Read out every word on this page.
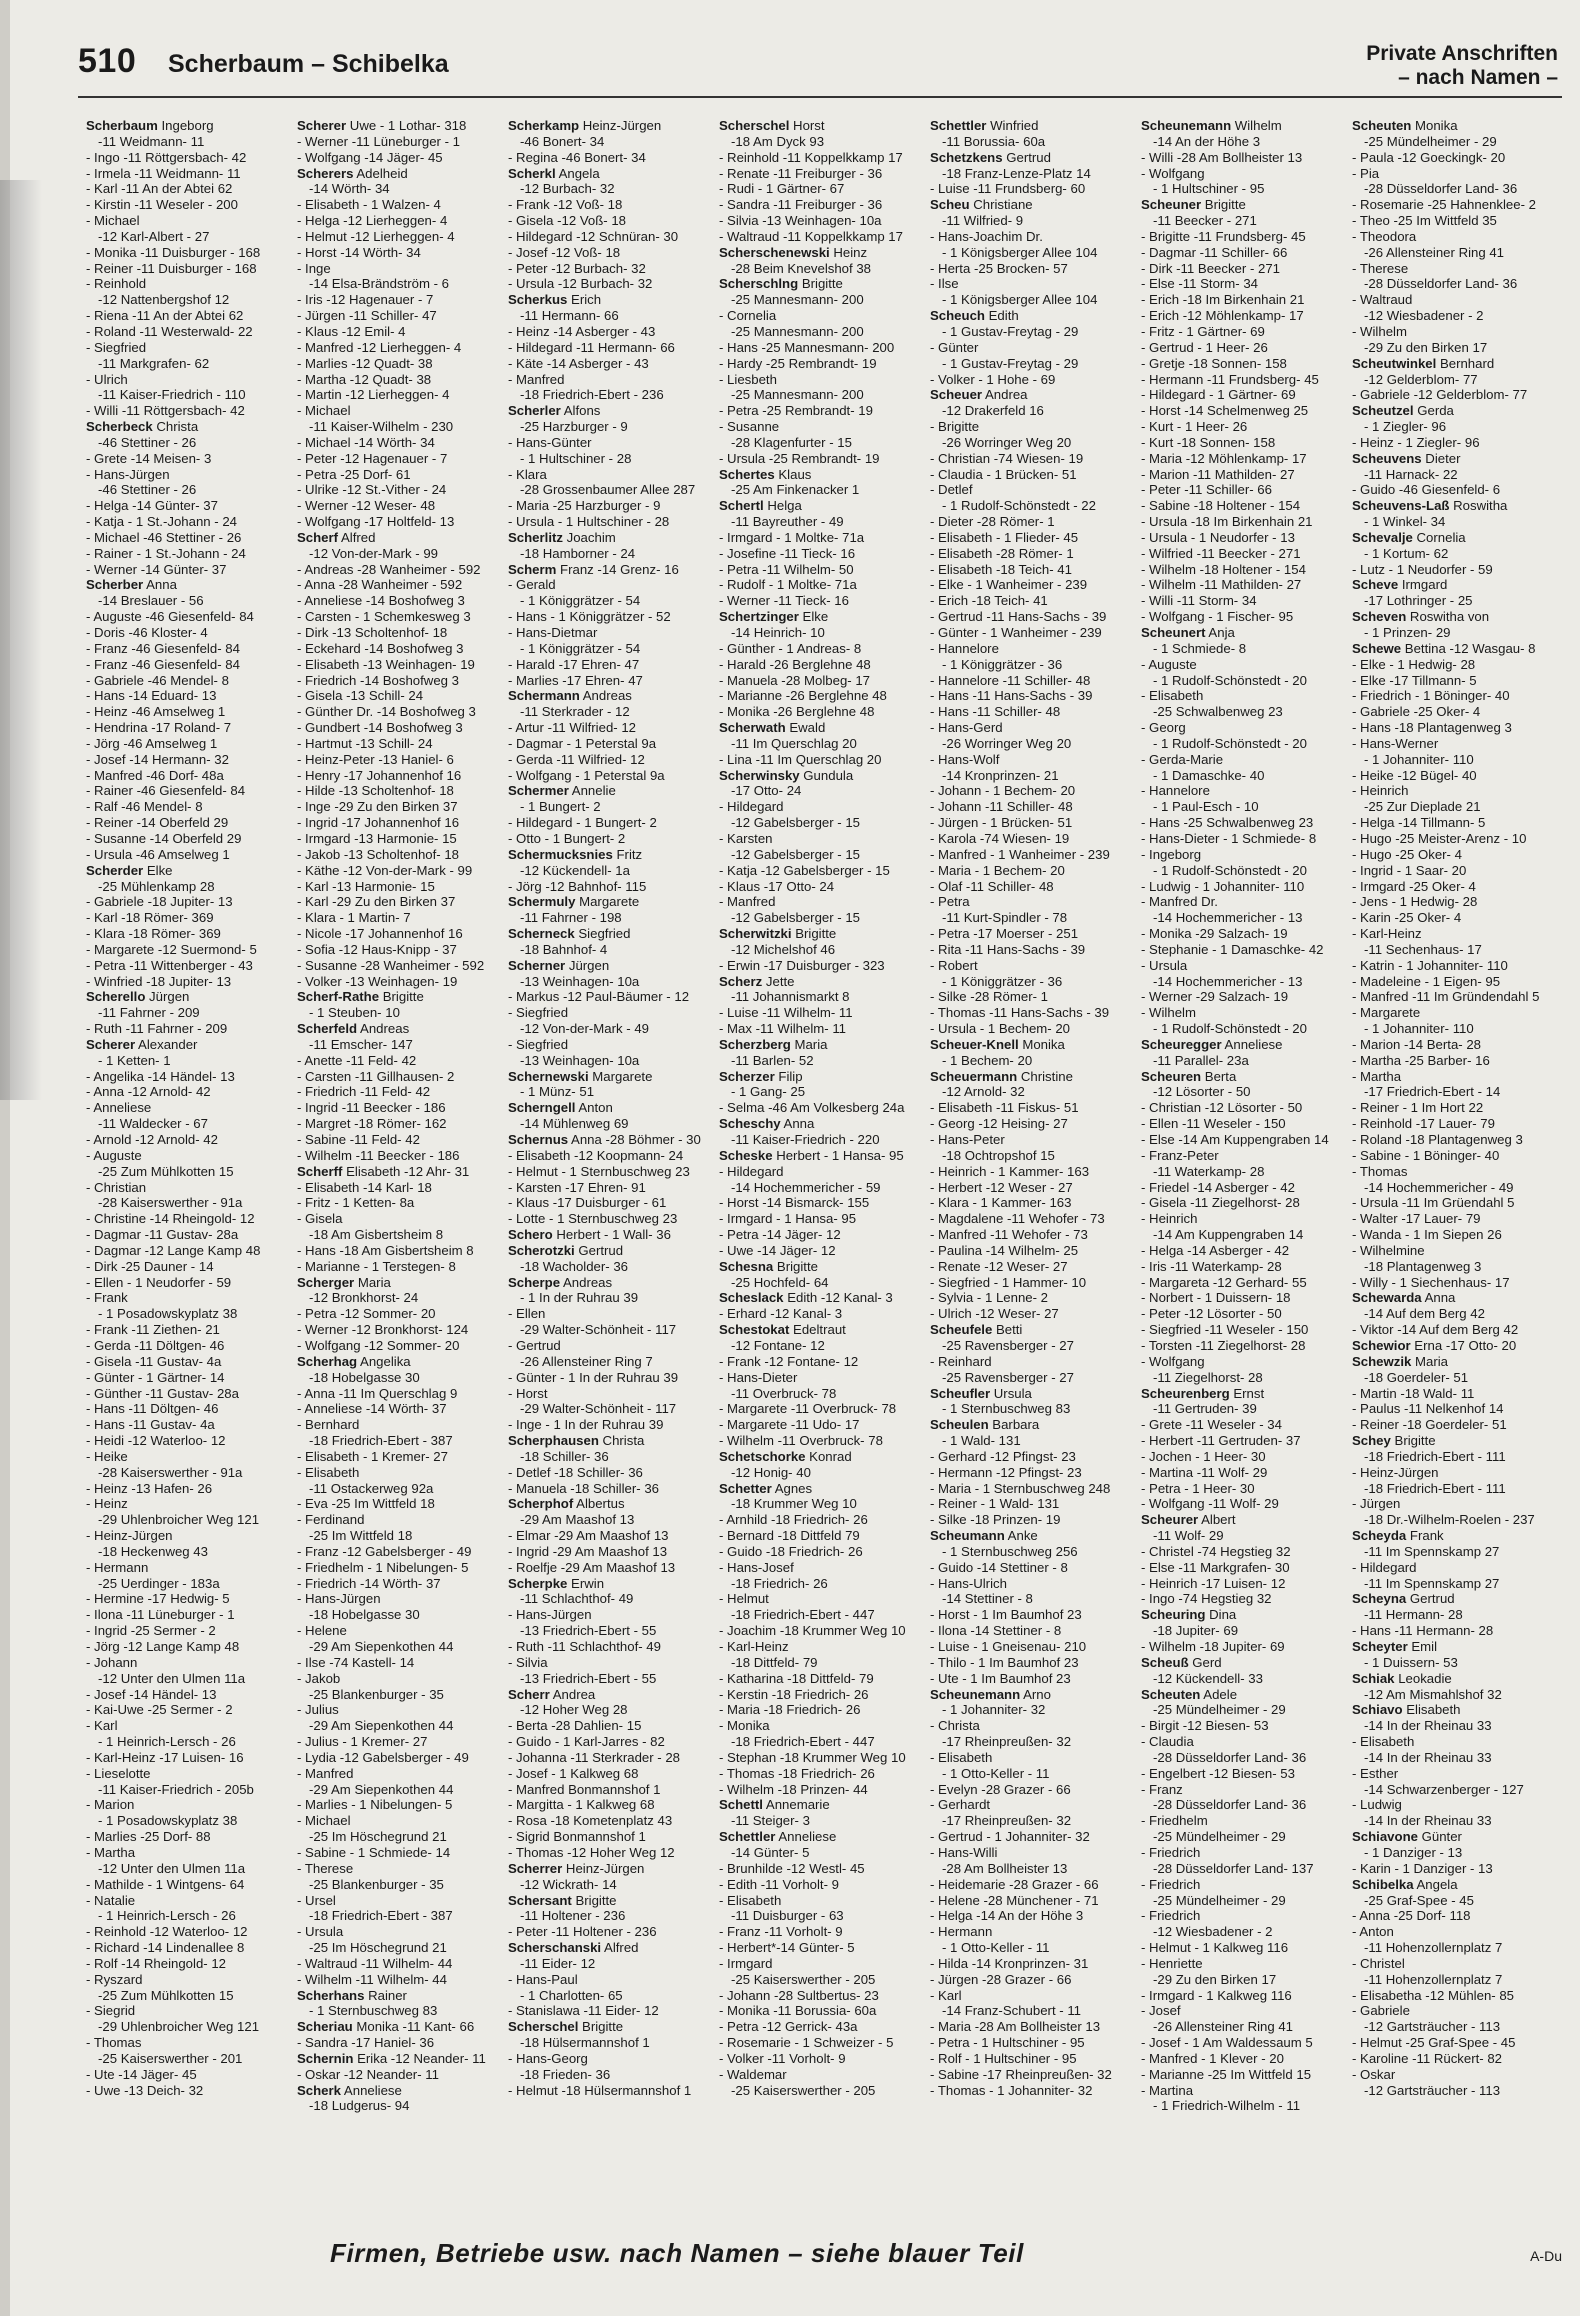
510 Scherbaum – Schibelka	Private Anschriften
– nach Namen –
Scherbaum Ingeborg
-11 Weidmann- 11
- Ingo -11 Röttgersbach- 42
- Irmela -11 Weidmann- 11
- Karl -11 An der Abtei 62
- Kirstin -11 Weseler - 200
- Michael
-12 Karl-Albert - 27
- Monika -11 Duisburger - 168
- Reiner -11 Duisburger - 168
- Reinhold
-12 Nattenbergshof 12
- Riena -11 An der Abtei 62
- Roland -11 Westerwald- 22
- Siegfried
-11 Markgrafen- 62
- Ulrich
-11 Kaiser-Friedrich - 110
- Willi -11 Röttgersbach- 42
Scherbeck Christa
-46 Stettiner - 26
- Grete -14 Meisen- 3
- Hans-Jürgen
-46 Stettiner - 26
- Helga -14 Günter- 37
- Katja - 1 St.-Johann - 24
- Michael -46 Stettiner - 26
- Rainer - 1 St.-Johann - 24
- Werner -14 Günter- 37
Scherber Anna
-14 Breslauer - 56
- Auguste -46 Giesenfeld- 84
- Doris -46 Kloster- 4
- Franz -46 Giesenfeld- 84
- Franz -46 Giesenfeld- 84
- Gabriele -46 Mendel- 8
- Hans -14 Eduard- 13
- Heinz -46 Amselweg 1
- Hendrina -17 Roland- 7
- Jörg -46 Amselweg 1
- Josef -14 Hermann- 32
- Manfred -46 Dorf- 48a
- Rainer -46 Giesenfeld- 84
- Ralf -46 Mendel- 8
- Reiner -14 Oberfeld 29
- Susanne -14 Oberfeld 29
- Ursula -46 Amselweg 1
Scherder Elke
-25 Mühlenkamp 28
- Gabriele -18 Jupiter- 13
- Karl -18 Römer- 369
- Klara -18 Römer- 369
- Margarete -12 Suermond- 5
- Petra -11 Wittenberger - 43
- Winfried -18 Jupiter- 13
Scherello Jürgen
-11 Fahrner - 209
- Ruth -11 Fahrner - 209
Scherer Alexander
- 1 Ketten- 1
- Angelika -14 Händel- 13
- Anna -12 Arnold- 42
- Anneliese
-11 Waldecker - 67
- Arnold -12 Arnold- 42
- Auguste
-25 Zum Mühlkotten 15
- Christian
-28 Kaiserswerther - 91a
- Christine -14 Rheingold- 12
- Dagmar -11 Gustav- 28a
- Dagmar -12 Lange Kamp 48
- Dirk -25 Dauner - 14
- Ellen - 1 Neudorfer - 59
- Frank
- 1 Posadowskyplatz 38
- Frank -11 Ziethen- 21
- Gerda -11 Döltgen- 46
- Gisela -11 Gustav- 4a
- Günter - 1 Gärtner- 14
- Günther -11 Gustav- 28a
- Hans -11 Döltgen- 46
- Hans -11 Gustav- 4a
- Heidi -12 Waterloo- 12
- Heike
-28 Kaiserswerther - 91a
- Heinz -13 Hafen- 26
- Heinz
-29 Uhlenbroicher Weg 121
- Heinz-Jürgen
-18 Heckenweg 43
- Hermann
-25 Uerdinger - 183a
- Hermine -17 Hedwig- 5
- Ilona -11 Lüneburger - 1
- Ingrid -25 Sermer - 2
- Jörg -12 Lange Kamp 48
- Johann
-12 Unter den Ulmen 11a
- Josef -14 Händel- 13
- Kai-Uwe -25 Sermer - 2
- Karl
- 1 Heinrich-Lersch - 26
- Karl-Heinz -17 Luisen- 16
- Lieselotte
-11 Kaiser-Friedrich - 205b
- Marion
- 1 Posadowskyplatz 38
- Marlies -25 Dorf- 88
- Martha
-12 Unter den Ulmen 11a
- Mathilde - 1 Wintgens- 64
- Natalie
- 1 Heinrich-Lersch - 26
- Reinhold -12 Waterloo- 12
- Richard -14 Lindenallee 8
- Rolf -14 Rheingold- 12
- Ryszard
-25 Zum Mühlkotten 15
- Siegrid
-29 Uhlenbroicher Weg 121
- Thomas
-25 Kaiserswerther - 201
- Ute -14 Jäger- 45
- Uwe -13 Deich- 32
Scherer Uwe - 1 Lothar- 318
- Werner -11 Lüneburger - 1
- Wolfgang -14 Jäger- 45
Scherers Adelheid
-14 Wörth- 34
- Elisabeth - 1 Walzen- 4
- Helga -12 Lierheggen- 4
- Helmut -12 Lierheggen- 4
- Horst -14 Wörth- 34
- Inge
-14 Elsa-Brändström - 6
- Iris -12 Hagenauer - 7
- Jürgen -11 Schiller- 47
- Klaus -12 Emil- 4
- Manfred -12 Lierheggen- 4
- Marlies -12 Quadt- 38
- Martha -12 Quadt- 38
- Martin -12 Lierheggen- 4
- Michael
-11 Kaiser-Wilhelm - 230
- Michael -14 Wörth- 34
- Peter -12 Hagenauer - 7
- Petra -25 Dorf- 61
- Ulrike -12 St.-Vither - 24
- Werner -12 Weser- 48
- Wolfgang -17 Holtfeld- 13
Scherf Alfred
-12 Von-der-Mark - 99
- Andreas -28 Wanheimer - 592
- Anna -28 Wanheimer - 592
- Anneliese -14 Boshofweg 3
- Carsten - 1 Schemkesweg 3
- Dirk -13 Scholtenhof- 18
- Eckehard -14 Boshofweg 3
- Elisabeth -13 Weinhagen- 19
- Friedrich -14 Boshofweg 3
- Gisela -13 Schill- 24
- Günther Dr. -14 Boshofweg 3
- Gundbert -14 Boshofweg 3
- Hartmut -13 Schill- 24
- Heinz-Peter -13 Haniel- 6
- Henry -17 Johannenhof 16
- Hilde -13 Scholtenhof- 18
- Inge -29 Zu den Birken 37
- Ingrid -17 Johannenhof 16
- Irmgard -13 Harmonie- 15
- Jakob -13 Scholtenhof- 18
- Käthe -12 Von-der-Mark - 99
- Karl -13 Harmonie- 15
- Karl -29 Zu den Birken 37
- Klara - 1 Martin- 7
- Nicole -17 Johannenhof 16
- Sofia -12 Haus-Knipp - 37
- Susanne -28 Wanheimer - 592
- Volker -13 Weinhagen- 19
Scherf-Rathe Brigitte
- 1 Steuben- 10
Scherfeld Andreas
-11 Emscher- 147
- Anette -11 Feld- 42
- Carsten -11 Gillhausen- 2
- Friedrich -11 Feld- 42
- Ingrid -11 Beecker - 186
- Margret -18 Römer- 162
- Sabine -11 Feld- 42
- Wilhelm -11 Beecker - 186
Scherff Elisabeth -12 Ahr- 31
- Elisabeth -14 Karl- 18
- Fritz - 1 Ketten- 8a
- Gisela
-18 Am Gisbertsheim 8
- Hans -18 Am Gisbertsheim 8
- Marianne - 1 Terstegen- 8
Scherger Maria
-12 Bronkhorst- 24
- Petra -12 Sommer- 20
- Werner -12 Bronkhorst- 124
- Wolfgang -12 Sommer- 20
Scherhag Angelika
-18 Hobelgasse 30
- Anna -11 Im Querschlag 9
- Anneliese -14 Wörth- 37
- Bernhard
-18 Friedrich-Ebert - 387
- Elisabeth - 1 Kremer- 27
- Elisabeth
-11 Ostackerweg 92a
- Eva -25 Im Wittfeld 18
- Ferdinand
-25 Im Wittfeld 18
- Franz -12 Gabelsberger - 49
- Friedhelm - 1 Nibelungen- 5
- Friedrich -14 Wörth- 37
- Hans-Jürgen
-18 Hobelgasse 30
- Helene
-29 Am Siepenkothen 44
- Ilse -74 Kastell- 14
- Jakob
-25 Blankenburger - 35
- Julius
-29 Am Siepenkothen 44
- Julius - 1 Kremer- 27
- Lydia -12 Gabelsberger - 49
- Manfred
-29 Am Siepenkothen 44
- Marlies - 1 Nibelungen- 5
- Michael
-25 Im Höschegrund 21
- Sabine - 1 Schmiede- 14
- Therese
-25 Blankenburger - 35
- Ursel
-18 Friedrich-Ebert - 387
- Ursula
-25 Im Höschegrund 21
- Waltraud -11 Wilhelm- 44
- Wilhelm -11 Wilhelm- 44
Scherhans Rainer
- 1 Sternbuschweg 83
Scheriau Monika -11 Kant- 66
- Sandra -17 Haniel- 36
Schernin Erika -12 Neander- 11
- Oskar -12 Neander- 11
Scherk Anneliese
-18 Ludgerus- 94
Scherkamp Heinz-Jürgen
-46 Bonert- 34
- Regina -46 Bonert- 34
Scherkl Angela
-12 Burbach- 32
- Frank -12 Voß- 18
- Gisela -12 Voß- 18
- Hildegard -12 Schnüran- 30
- Josef -12 Voß- 18
- Peter -12 Burbach- 32
- Ursula -12 Burbach- 32
Scherkus Erich
-11 Hermann- 66
- Heinz -14 Asberger - 43
- Hildegard -11 Hermann- 66
- Käte -14 Asberger - 43
- Manfred
-18 Friedrich-Ebert - 236
Scherler Alfons
-25 Harzburger - 9
- Hans-Günter
- 1 Hultschiner - 28
- Klara
-28 Grossenbaumer Allee 287
- Maria -25 Harzburger - 9
- Ursula - 1 Hultschiner - 28
Scherlitz Joachim
-18 Hamborner - 24
Scherm Franz -14 Grenz- 16
- Gerald
- 1 Königgrätzer - 54
- Hans - 1 Königgrätzer - 52
- Hans-Dietmar
- 1 Königgrätzer - 54
- Harald -17 Ehren- 47
- Marlies -17 Ehren- 47
Schermann Andreas
-11 Sterkrader - 12
- Artur -11 Wilfried- 12
- Dagmar - 1 Peterstal 9a
- Gerda -11 Wilfried- 12
- Wolfgang - 1 Peterstal 9a
Schermer Anneliе
- 1 Bungert- 2
- Hildegard - 1 Bungert- 2
- Otto - 1 Bungert- 2
Schermucksnies Fritz
-12 Kückendell- 1a
- Jörg -12 Bahnhof- 115
Schermuly Margarete
-11 Fahrner - 198
Scherneck Siegfried
-18 Bahnhof- 4
Scherner Jürgen
-13 Weinhagen- 10a
- Markus -12 Paul-Bäumer - 12
- Siegfried
-12 Von-der-Mark - 49
- Siegfried
-13 Weinhagen- 10a
Schernewski Margarete
- 1 Münz- 51
Scherngell Anton
-14 Mühlenweg 69
Schernus Anna -28 Böhmer - 30
- Elisabeth -12 Koopmann- 24
- Helmut - 1 Sternbuschweg 23
- Karsten -17 Ehren- 91
- Klaus -17 Duisburger - 61
- Lotte - 1 Sternbuschweg 23
Scherо Herbert - 1 Wall- 36
Scherotzki Gertrud
-18 Wacholder- 36
Scherpe Andreas
- 1 In der Ruhrau 39
- Ellen
-29 Walter-Schönheit - 117
- Gertrud
-26 Allensteiner Ring 7
- Günter - 1 In der Ruhrau 39
- Horst
-29 Walter-Schönheit - 117
- Inge - 1 In der Ruhrau 39
Scherphausen Christa
-18 Schiller- 36
- Detlef -18 Schiller- 36
- Manuela -18 Schiller- 36
Scherphof Albertus
-29 Am Maashof 13
- Elmar -29 Am Maashof 13
- Ingrid -29 Am Maashof 13
- Roelfje -29 Am Maashof 13
Scherpke Erwin
-11 Schlachthof- 49
- Hans-Jürgen
-13 Friedrich-Ebert - 55
- Ruth -11 Schlachthof- 49
- Silvia
-13 Friedrich-Ebert - 55
Scherr Andrea
-12 Hoher Weg 28
- Berta -28 Dahlien- 15
- Guido - 1 Karl-Jarres - 82
- Johanna -11 Sterkrader - 28
- Josef - 1 Kalkweg 68
- Manfred Bonmannshof 1
- Margitta - 1 Kalkweg 68
- Rosa -18 Kometenplatz 43
- Sigrid Bonmannshof 1
- Thomas -12 Hoher Weg 12
Scherrer Heinz-Jürgen
-12 Wickrath- 14
Schersant Brigitte
-11 Holtener - 236
- Peter -11 Holtener - 236
Scherschanski Alfred
-11 Eider- 12
- Hans-Paul
- 1 Charlotten- 65
- Stanislawa -11 Eider- 12
Scherschel Brigitte
-18 Hülsermannshof 1
- Hans-Georg
-18 Frieden- 36
- Helmut -18 Hülsermannshof 1
Scherschel Horst
-18 Am Dyck 93
- Reinhold -11 Koppelkkamp 17
- Renate -11 Freiburger - 36
- Rudi - 1 Gärtner- 67
- Sandra -11 Freiburger - 36
- Silvia -13 Weinhagen- 10a
- Waltraud -11 Koppelkkamp 17
Scherschenewski Heinz
-28 Beim Knevelshof 38
Scherschlng Brigitte
-25 Mannesmann- 200
- Cornelia
-25 Mannesmann- 200
- Hans -25 Mannesmann- 200
- Hardy -25 Rembrandt- 19
- Liesbeth
-25 Mannesmann- 200
- Petra -25 Rembrandt- 19
- Susanne
-28 Klagenfurter - 15
- Ursula -25 Rembrandt- 19
Schertes Klaus
-25 Am Finkenacker 1
Schertl Helga
-11 Bayreuther - 49
- Irmgard - 1 Moltke- 71a
- Josefine -11 Tieck- 16
- Petra -11 Wilhelm- 50
- Rudolf - 1 Moltke- 71a
- Werner -11 Tieck- 16
Schertzinger Elke
-14 Heinrich- 10
- Günther - 1 Andreas- 8
- Harald -26 Berglehne 48
- Manuela -28 Molbeg- 17
- Marianne -26 Berglehne 48
- Monika -26 Berglehne 48
Scherwath Ewald
-11 Im Querschlag 20
- Lina -11 Im Querschlag 20
Scherwinsky Gundula
-17 Otto- 24
- Hildegard
-12 Gabelsberger - 15
- Karsten
-12 Gabelsberger - 15
- Katja -12 Gabelsberger - 15
- Klaus -17 Otto- 24
- Manfred
-12 Gabelsberger - 15
Scherwitzki Brigitte
-12 Michelshof 46
- Erwin -17 Duisburger - 323
Scherz Jette
-11 Johannismarkt 8
- Luise -11 Wilhelm- 11
- Max -11 Wilhelm- 11
Scherzberg Maria
-11 Barlen- 52
Scherzer Filip
- 1 Gang- 25
- Selma -46 Am Volkesberg 24a
Scheschy Anna
-11 Kaiser-Friedrich - 220
Scheske Herbert - 1 Hansa- 95
- Hildegard
-14 Hochemmericher - 59
- Horst -14 Bismarck- 155
- Irmgard - 1 Hansa- 95
- Petra -14 Jäger- 12
- Uwe -14 Jäger- 12
Schesna Brigitte
-25 Hochfeld- 64
Scheslack Edith -12 Kanal- 3
- Erhard -12 Kanal- 3
Schestokat Edeltraut
-12 Fontane- 12
- Frank -12 Fontane- 12
- Hans-Dieter
-11 Overbruck- 78
- Margarete -11 Overbruck- 78
- Margarete -11 Udo- 17
- Wilhelm -11 Overbruck- 78
Schetschorke Konrad
-12 Honig- 40
Schetter Agnes
-18 Krummer Weg 10
- Arnhild -18 Friedrich- 26
- Bernard -18 Dittfeld 79
- Guido -18 Friedrich- 26
- Hans-Josef
-18 Friedrich- 26
- Helmut
-18 Friedrich-Ebert - 447
- Joachim -18 Krummer Weg 10
- Karl-Heinz
-18 Dittfeld- 79
- Katharina -18 Dittfeld- 79
- Kerstin -18 Friedrich- 26
- Maria -18 Friedrich- 26
- Monika
-18 Friedrich-Ebert - 447
- Stephan -18 Krummer Weg 10
- Thomas -18 Friedrich- 26
- Wilhelm -18 Prinzen- 44
Schettl Annemarie
-11 Steiger- 3
Schettler Anneliese
-14 Günter- 5
- Brunhilde -12 Westl- 45
- Edith -11 Vorholt- 9
- Elisabeth
-11 Duisburger - 63
- Franz -11 Vorholt- 9
- Herbert*-14 Günter- 5
- Irmgard
-25 Kaiserswerther - 205
- Johann -28 Sultbertus- 23
- Monika -11 Borussia- 60a
- Petra -12 Gerrick- 43a
- Rosemarie - 1 Schweizer - 5
- Volker -11 Vorholt- 9
- Waldemar
-25 Kaiserswerther - 205
Schettler Winfried
-11 Borussia- 60a
Schetzkens Gertrud
-18 Franz-Lenze-Platz 14
- Luise -11 Frundsberg- 60
Scheu Christiane
-11 Wilfried- 9
- Hans-Joachim Dr.
- 1 Königsberger Allee 104
- Herta -25 Brocken- 57
- Ilse
- 1 Königsberger Allee 104
Scheuch Edith
- 1 Gustav-Freytag - 29
- Günter
- 1 Gustav-Freytag - 29
- Volker - 1 Hohe - 69
Scheuer Andrea
-12 Drakerfeld 16
- Brigitte
-26 Worringer Weg 20
- Christian -74 Wiesen- 19
- Claudia - 1 Brücken- 51
- Detlef
- 1 Rudolf-Schönstedt - 22
- Dieter -28 Römer- 1
- Elisabeth - 1 Flieder- 45
- Elisabeth -28 Römer- 1
- Elisabeth -18 Teich- 41
- Elke - 1 Wanheimer - 239
- Erich -18 Teich- 41
- Gertrud -11 Hans-Sachs - 39
- Günter - 1 Wanheimer - 239
- Hannelore
- 1 Königgrätzer - 36
- Hannelore -11 Schiller- 48
- Hans -11 Hans-Sachs - 39
- Hans -11 Schiller- 48
- Hans-Gerd
-26 Worringer Weg 20
- Hans-Wolf
-14 Kronprinzen- 21
- Johann - 1 Bechem- 20
- Johann -11 Schiller- 48
- Jürgen - 1 Brücken- 51
- Karola -74 Wiesen- 19
- Manfred - 1 Wanheimer - 239
- Maria - 1 Bechem- 20
- Olaf -11 Schiller- 48
- Petra
-11 Kurt-Spindler - 78
- Petra -17 Moerser - 251
- Rita -11 Hans-Sachs - 39
- Robert
- 1 Königgrätzer - 36
- Silke -28 Römer- 1
- Thomas -11 Hans-Sachs - 39
- Ursula - 1 Bechem- 20
Scheuer-Knell Monika
- 1 Bechem- 20
Scheuermann Christine
-12 Arnold- 32
- Elisabeth -11 Fiskus- 51
- Georg -12 Heising- 27
- Hans-Peter
-18 Ochtropshof 15
- Heinrich - 1 Kammer- 163
- Herbert -12 Weser - 27
- Klara - 1 Kammer- 163
- Magdalene -11 Wehofer - 73
- Manfred -11 Wehofer - 73
- Paulina -14 Wilhelm- 25
- Renate -12 Weser- 27
- Siegfried - 1 Hammer- 10
- Sylvia - 1 Lenne- 2
- Ulrich -12 Weser- 27
Scheufele Betti
-25 Ravensberger - 27
- Reinhard
-25 Ravensberger - 27
Scheufler Ursula
- 1 Sternbuschweg 83
Scheulen Barbara
- 1 Wald- 131
- Gerhard -12 Pfingst- 23
- Hermann -12 Pfingst- 23
- Maria - 1 Sternbuschweg 248
- Reiner - 1 Wald- 131
- Silke -18 Prinzen- 19
Scheumann Anke
- 1 Sternbuschweg 256
- Guido -14 Stettiner - 8
- Hans-Ulrich
-14 Stettiner - 8
- Horst - 1 Im Baumhof 23
- Ilona -14 Stettiner - 8
- Luise - 1 Gneisenau- 210
- Thilo - 1 Im Baumhof 23
- Ute - 1 Im Baumhof 23
Scheunemann Arno
- 1 Johanniter- 32
- Christa
-17 Rheinpreußen- 32
- Elisabeth
- 1 Otto-Keller - 11
- Evelyn -28 Grazer - 66
- Gerhardt
-17 Rheinpreußen- 32
- Gertrud - 1 Johanniter- 32
- Hans-Willi
-28 Am Bollheister 13
- Heidemarie -28 Grazer - 66
- Helene -28 Münchener - 71
- Helga -14 An der Höhe 3
- Hermann
- 1 Otto-Keller - 11
- Hilda -14 Kronprinzen- 31
- Jürgen -28 Grazer - 66
- Karl
-14 Franz-Schubert - 11
- Maria -28 Am Bollheister 13
- Petra - 1 Hultschiner - 95
- Rolf - 1 Hultschiner - 95
- Sabine -17 Rheinpreußen- 32
- Thomas - 1 Johanniter- 32
Scheunemann Wilhelm
-14 An der Höhe 3
- Willi -28 Am Bollheister 13
- Wolfgang
- 1 Hultschiner - 95
Scheuner Brigitte
-11 Beecker - 271
- Brigitte -11 Frundsberg- 45
- Dagmar -11 Schiller- 66
- Dirk -11 Beecker - 271
- Else -11 Storm- 34
- Erich -18 Im Birkenhain 21
- Erich -12 Möhlenkamp- 17
- Fritz - 1 Gärtner- 69
- Gertrud - 1 Heer- 26
- Gretje -18 Sonnen- 158
- Hermann -11 Frundsberg- 45
- Hildegard - 1 Gärtner- 69
- Horst -14 Schelmenweg 25
- Kurt - 1 Heer- 26
- Kurt -18 Sonnen- 158
- Maria -12 Möhlenkamp- 17
- Marion -11 Mathilden- 27
- Peter -11 Schiller- 66
- Sabine -18 Holtener - 154
- Ursula -18 Im Birkenhain 21
- Ursula - 1 Neudorfer - 13
- Wilfried -11 Beecker - 271
- Wilhelm -18 Holtener - 154
- Wilhelm -11 Mathilden- 27
- Willi -11 Storm- 34
- Wolfgang - 1 Fischer- 95
Scheunert Anja
- 1 Schmiede- 8
- Auguste
- 1 Rudolf-Schönstedt - 20
- Elisabeth
-25 Schwalbenweg 23
- Georg
- 1 Rudolf-Schönstedt - 20
- Gerda-Marie
- 1 Damaschke- 40
- Hannelore
- 1 Paul-Esch - 10
- Hans -25 Schwalbenweg 23
- Hans-Dieter - 1 Schmiede- 8
- Ingeborg
- 1 Rudolf-Schönstedt - 20
- Ludwig - 1 Johanniter- 110
- Manfred Dr.
-14 Hochemmericher - 13
- Monika -29 Salzach- 19
- Stephanie - 1 Damaschke- 42
- Ursula
-14 Hochemmericher - 13
- Werner -29 Salzach- 19
- Wilhelm
- 1 Rudolf-Schönstedt - 20
Scheuregger Anneliese
-11 Parallel- 23a
Scheuren Berta
-12 Lösorter - 50
- Christian -12 Lösorter - 50
- Ellen -11 Weseler - 150
- Else -14 Am Kuppengraben 14
- Franz-Peter
-11 Waterkamp- 28
- Friedel -14 Asberger - 42
- Gisela -11 Ziegelhorst- 28
- Heinrich
-14 Am Kuppengraben 14
- Helga -14 Asberger - 42
- Iris -11 Waterkamp- 28
- Margareta -12 Gerhard- 55
- Norbert - 1 Duissern- 18
- Peter -12 Lösorter - 50
- Siegfried -11 Weseler - 150
- Torsten -11 Ziegelhorst- 28
- Wolfgang
-11 Ziegelhorst- 28
Scheurenberg Ernst
-11 Gertruden- 39
- Grete -11 Weseler - 34
- Herbert -11 Gertruden- 37
- Jochen - 1 Heer- 30
- Martina -11 Wolf- 29
- Petra - 1 Heer- 30
- Wolfgang -11 Wolf- 29
Scheurer Albert
-11 Wolf- 29
- Christel -74 Hegstieg 32
- Else -11 Markgrafen- 30
- Heinrich -17 Luisen- 12
- Ingo -74 Hegstieg 32
Scheuring Dina
-18 Jupiter- 69
- Wilhelm -18 Jupiter- 69
Scheuß Gerd
-12 Kückendell- 33
Scheuten Adele
-25 Mündelheimer - 29
- Birgit -12 Biesen- 53
- Claudia
-28 Düsseldorfer Land- 36
- Engelbert -12 Biesen- 53
- Franz
-28 Düsseldorfer Land- 36
- Friedhelm
-25 Mündelheimer - 29
- Friedrich
-28 Düsseldorfer Land- 137
- Friedrich
-25 Mündelheimer - 29
- Friedrich
-12 Wiesbadener - 2
- Helmut - 1 Kalkweg 116
- Henriette
-29 Zu den Birken 17
- Irmgard - 1 Kalkweg 116
- Josef
-26 Allensteiner Ring 41
- Josef - 1 Am Waldessaum 5
- Manfred - 1 Klever - 20
- Marianne -25 Im Wittfeld 15
- Martina
- 1 Friedrich-Wilhelm - 11
Scheuten Monika
-25 Mündelheimer - 29
- Paula -12 Goeckingk- 20
- Pia
-28 Düsseldorfer Land- 36
- Rosemarie -25 Hahnenklee- 2
- Theo -25 Im Wittfeld 35
- Theodora
-26 Allensteiner Ring 41
- Therese
-28 Düsseldorfer Land- 36
- Waltraud
-12 Wiesbadener - 2
- Wilhelm
-29 Zu den Birken 17
Scheutwinkel Bernhard
-12 Gelderblom- 77
- Gabriele -12 Gelderblom- 77
Scheutzel Gerda
- 1 Ziegler- 96
- Heinz - 1 Ziegler- 96
Scheuvens Dieter
-11 Harnack- 22
- Guido -46 Giesenfeld- 6
Scheuvens-Laß Roswitha
- 1 Winkel- 34
Schevalje Cornelia
- 1 Kortum- 62
- Lutz - 1 Neudorfer - 59
Schevе Irmgard
-17 Lothringer - 25
Scheven Roswitha von
- 1 Prinzen- 29
Schewe Bettina -12 Wasgau- 8
- Elke - 1 Hedwig- 28
- Elke -17 Tillmann- 5
- Friedrich - 1 Böninger- 40
- Gabriele -25 Oker- 4
- Hans -18 Plantagenweg 3
- Hans-Werner
- 1 Johanniter- 110
- Heike -12 Bügel- 40
- Heinrich
-25 Zur Dieplade 21
- Helga -14 Tillmann- 5
- Hugo -25 Meister-Arenz - 10
- Hugo -25 Oker- 4
- Ingrid - 1 Saar- 20
- Irmgard -25 Oker- 4
- Jens - 1 Hedwig- 28
- Karin -25 Oker- 4
- Karl-Heinz
-11 Sechenhaus- 17
- Katrin - 1 Johanniter- 110
- Madeleine - 1 Eigen- 95
- Manfred -11 Im Gründendahl 5
- Margarete
- 1 Johanniter- 110
- Marion -14 Berta- 28
- Martha -25 Barber- 16
- Martha
-17 Friedrich-Ebert - 14
- Reiner - 1 Im Hort 22
- Reinhold -17 Lauer- 79
- Roland -18 Plantagenweg 3
- Sabine - 1 Böninger- 40
- Thomas
-14 Hochemmericher - 49
- Ursula -11 Im Grüendahl 5
- Walter -17 Lauer- 79
- Wanda - 1 Im Siepen 26
- Wilhelmine
-18 Plantagenweg 3
- Willy - 1 Siechenhaus- 17
Schewarda Anna
-14 Auf dem Berg 42
- Viktor -14 Auf dem Berg 42
Schewior Erna -17 Otto- 20
Schewzik Maria
-18 Goerdeler- 51
- Martin -18 Wald- 11
- Paulus -11 Nelkenhof 14
- Reiner -18 Goerdeler- 51
Schey Brigitte
-18 Friedrich-Ebert - 111
- Heinz-Jürgen
-18 Friedrich-Ebert - 111
- Jürgen
-18 Dr.-Wilhelm-Roelen - 237
Scheyda Frank
-11 Im Spennskamp 27
- Hildegard
-11 Im Spennskamp 27
Scheyna Gertrud
-11 Hermann- 28
- Hans -11 Hermann- 28
Scheyter Emil
- 1 Duissern- 53
Schiak Leokadie
-12 Am Mismahlshof 32
Schiavo Elisabeth
-14 In der Rheinau 33
- Elisabeth
-14 In der Rheinau 33
- Esther
-14 Schwarzenberger - 127
- Ludwig
-14 In der Rheinau 33
Schiavone Günter
- 1 Danziger - 13
- Karin - 1 Danziger - 13
Schibelka Angela
-25 Graf-Spee - 45
- Anna -25 Dorf- 118
- Anton
-11 Hohenzollernplatz 7
- Christel
-11 Hohenzollernplatz 7
- Elisabetha -12 Mühlen- 85
- Gabriele
-12 Gartsträucher - 113
- Helmut -25 Graf-Spee - 45
- Karoline -11 Rückert- 82
- Oskar
-12 Gartsträucher - 113
Firmen, Betriebe usw. nach Namen – siehe blauer Teil	A-Du
